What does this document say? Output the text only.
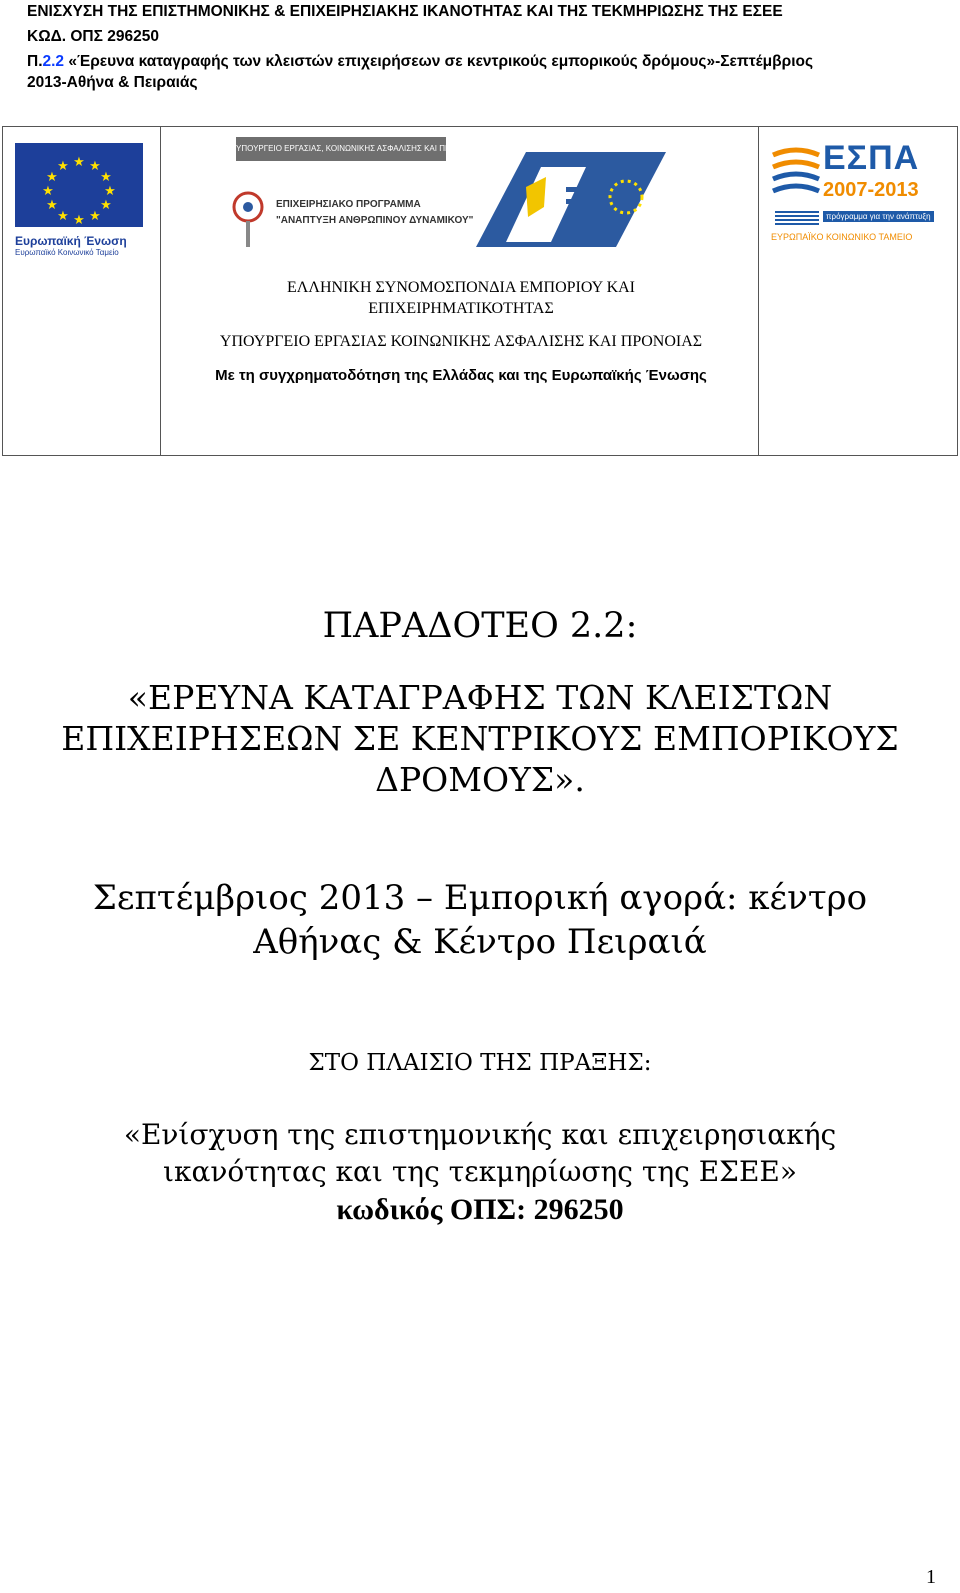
ΕΝΙΣΧΥΣΗ ΤΗΣ ΕΠΙΣΤΗΜΟΝΙΚΗΣ & ΕΠΙΧΕΙΡΗΣΙΑΚΗΣ ΙΚΑΝΟΤΗΤΑΣ ΚΑΙ ΤΗΣ ΤΕΚΜΗΡΙΩΣΗΣ ΤΗΣ ΕΣΕΕ
ΚΩΔ. ΟΠΣ 296250
Π.2.2 «Έρευνα καταγραφής των κλειστών επιχειρήσεων σε κεντρικούς εμπορικούς δρόμους»-Σεπτέμβριος
2013-Αθήνα & Πειραιάς
★ ★
★
★
★
★
★
★
★
★
★
★
Ευρωπαϊκή Ένωση
Ευρωπαϊκό Κοινωνικό Ταμείο
ΥΠΟΥΡΓΕΙΟ ΕΡΓΑΣΙΑΣ, ΚΟΙΝΩΝΙΚΗΣ ΑΣΦΑΛΙΣΗΣ ΚΑΙ ΠΡΟΝΟΙΑΣ
ΕΠΙΧΕΙΡΗΣΙΑΚΟ ΠΡΟΓΡΑΜΜΑ
"ΑΝΑΠΤΥΞΗ ΑΝΘΡΩΠΙΝΟΥ ΔΥΝΑΜΙΚΟΥ"
ΕΣΠΑ
2007-2013
πρόγραμμα για την ανάπτυξη
ΕΥΡΩΠΑΪΚΟ ΚΟΙΝΩΝΙΚΟ ΤΑΜΕΙΟ
ΕΛΛΗΝΙΚΗ ΣΥΝΟΜΟΣΠΟΝΔΙΑ ΕΜΠΟΡΙΟΥ ΚΑΙ
ΕΠΙΧΕΙΡΗΜΑΤΙΚΟΤΗΤΑΣ
ΥΠΟΥΡΓΕΙΟ ΕΡΓΑΣΙΑΣ ΚΟΙΝΩΝΙΚΗΣ ΑΣΦΑΛΙΣΗΣ ΚΑΙ ΠΡΟΝΟΙΑΣ
Με τη συγχρηματοδότηση της Ελλάδας και της Ευρωπαϊκής Ένωσης
ΠΑΡΑΔΟΤΕΟ 2.2:
«ΕΡΕΥΝΑ ΚΑΤΑΓΡΑΦΗΣ ΤΩΝ ΚΛΕΙΣΤΩΝ
ΕΠΙΧΕΙΡΗΣΕΩΝ ΣΕ ΚΕΝΤΡΙΚΟΥΣ ΕΜΠΟΡΙΚΟΥΣ
ΔΡΟΜΟΥΣ».
Σεπτέμβριος 2013 – Εμπορική αγορά: κέντρο
Αθήνας & Κέντρο Πειραιά
ΣΤΟ ΠΛΑΙΣΙΟ ΤΗΣ ΠΡΑΞΗΣ:
«Ενίσχυση της επιστημονικής και επιχειρησιακής
ικανότητας και της τεκμηρίωσης της ΕΣΕΕ»
κωδικός ΟΠΣ: 296250
1
